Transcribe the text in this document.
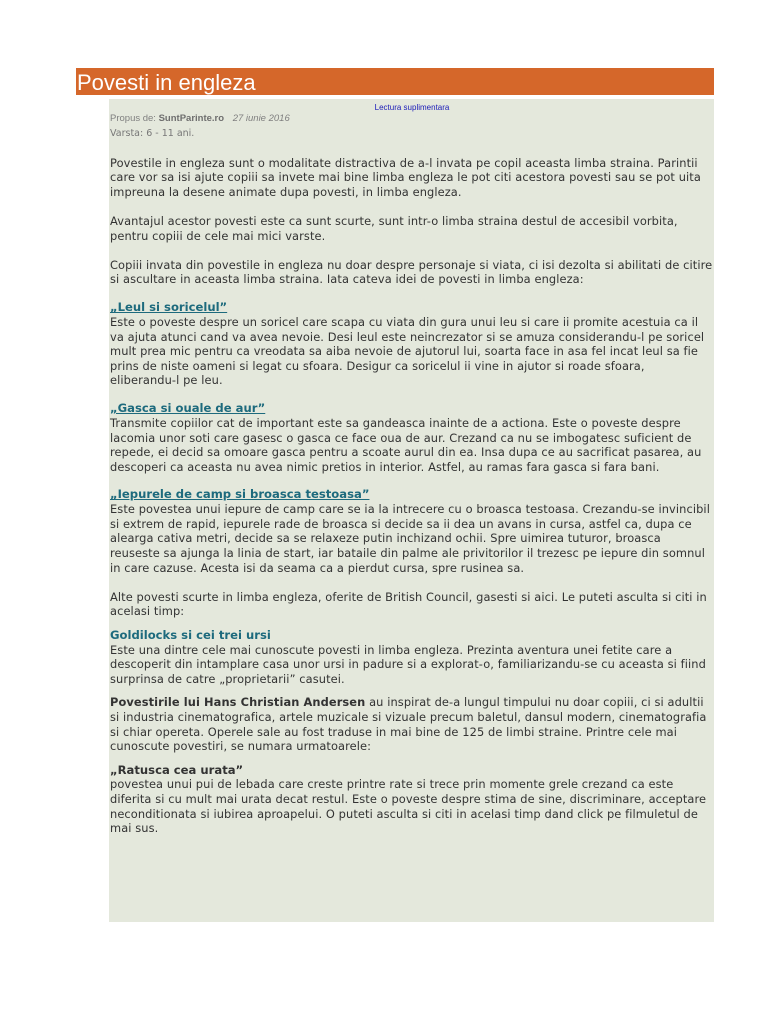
Povesti in engleza
Lectura suplimentara
Propus de: SuntParinte.ro 27 iunie 2016
Varsta: 6 - 11 ani.

Povestile in engleza sunt o modalitate distractiva de a-l invata pe copil aceasta limba straina. Parintii care vor sa isi ajute copiii sa invete mai bine limba engleza le pot citi acestora povesti sau se pot uita impreuna la desene animate dupa povesti, in limba engleza.

Avantajul acestor povesti este ca sunt scurte, sunt intr-o limba straina destul de accesibil vorbita, pentru copiii de cele mai mici varste.

Copiii invata din povestile in engleza nu doar despre personaje si viata, ci isi dezolta si abilitati de citire si ascultare in aceasta limba straina. Iata cateva idei de povesti in limba engleza:

„Leul si soricelul”

Este o poveste despre un soricel care scapa cu viata din gura unui leu si care ii promite acestuia ca il va ajuta atunci cand va avea nevoie. Desi leul este neincrezator si se amuza considerandu-l pe soricel mult prea mic pentru ca vreodata sa aiba nevoie de ajutorul lui, soarta face in asa fel incat leul sa fie prins de niste oameni si legat cu sfoara. Desigur ca soricelul ii vine in ajutor si roade sfoara, eliberandu-l pe leu.

„Gasca si ouale de aur”

Transmite copiilor cat de important este sa gandeasca inainte de a actiona. Este o poveste despre lacomia unor soti care gasesc o gasca ce face oua de aur. Crezand ca nu se imbogatesc suficient de repede, ei decid sa omoare gasca pentru a scoate aurul din ea. Insa dupa ce au sacrificat pasarea, au descoperi ca aceasta nu avea nimic pretios in interior. Astfel, au ramas fara gasca si fara bani.

„Iepurele de camp si broasca testoasa”

Este povestea unui iepure de camp care se ia la intrecere cu o broasca testoasa. Crezandu-se invincibil si extrem de rapid, iepurele rade de broasca si decide sa ii dea un avans in cursa, astfel ca, dupa ce alearga cativa metri, decide sa se relaxeze putin inchizand ochii. Spre uimirea tuturor, broasca reuseste sa ajunga la linia de start, iar bataile din palme ale privitorilor il trezesc pe iepure din somnul in care cazuse. Acesta isi da seama ca a pierdut cursa, spre rusinea sa.

Alte povesti scurte in limba engleza, oferite de British Council, gasesti si aici. Le puteti asculta si citi in acelasi timp:

Goldilocks si cei trei ursi

Este una dintre cele mai cunoscute povesti in limba engleza. Prezinta aventura unei fetite care a descoperit din intamplare casa unor ursi in padure si a explorat-o, familiarizandu-se cu aceasta si fiind surprinsa de catre „proprietarii” casutei.

Povestirile lui Hans Christian Andersen au inspirat de-a lungul timpului nu doar copiii, ci si adultii si industria cinematografica, artele muzicale si vizuale precum baletul, dansul modern, cinematografia si chiar opereta. Operele sale au fost traduse in mai bine de 125 de limbi straine. Printre cele mai cunoscute povestiri, se numara urmatoarele:

„Ratusca cea urata”

povestea unui pui de lebada care creste printre rate si trece prin momente grele crezand ca este diferita si cu mult mai urata decat restul. Este o poveste despre stima de sine, discriminare, acceptare neconditionata si iubirea aproapelui. O puteti asculta si citi in acelasi timp dand click pe filmuletul de mai sus.
